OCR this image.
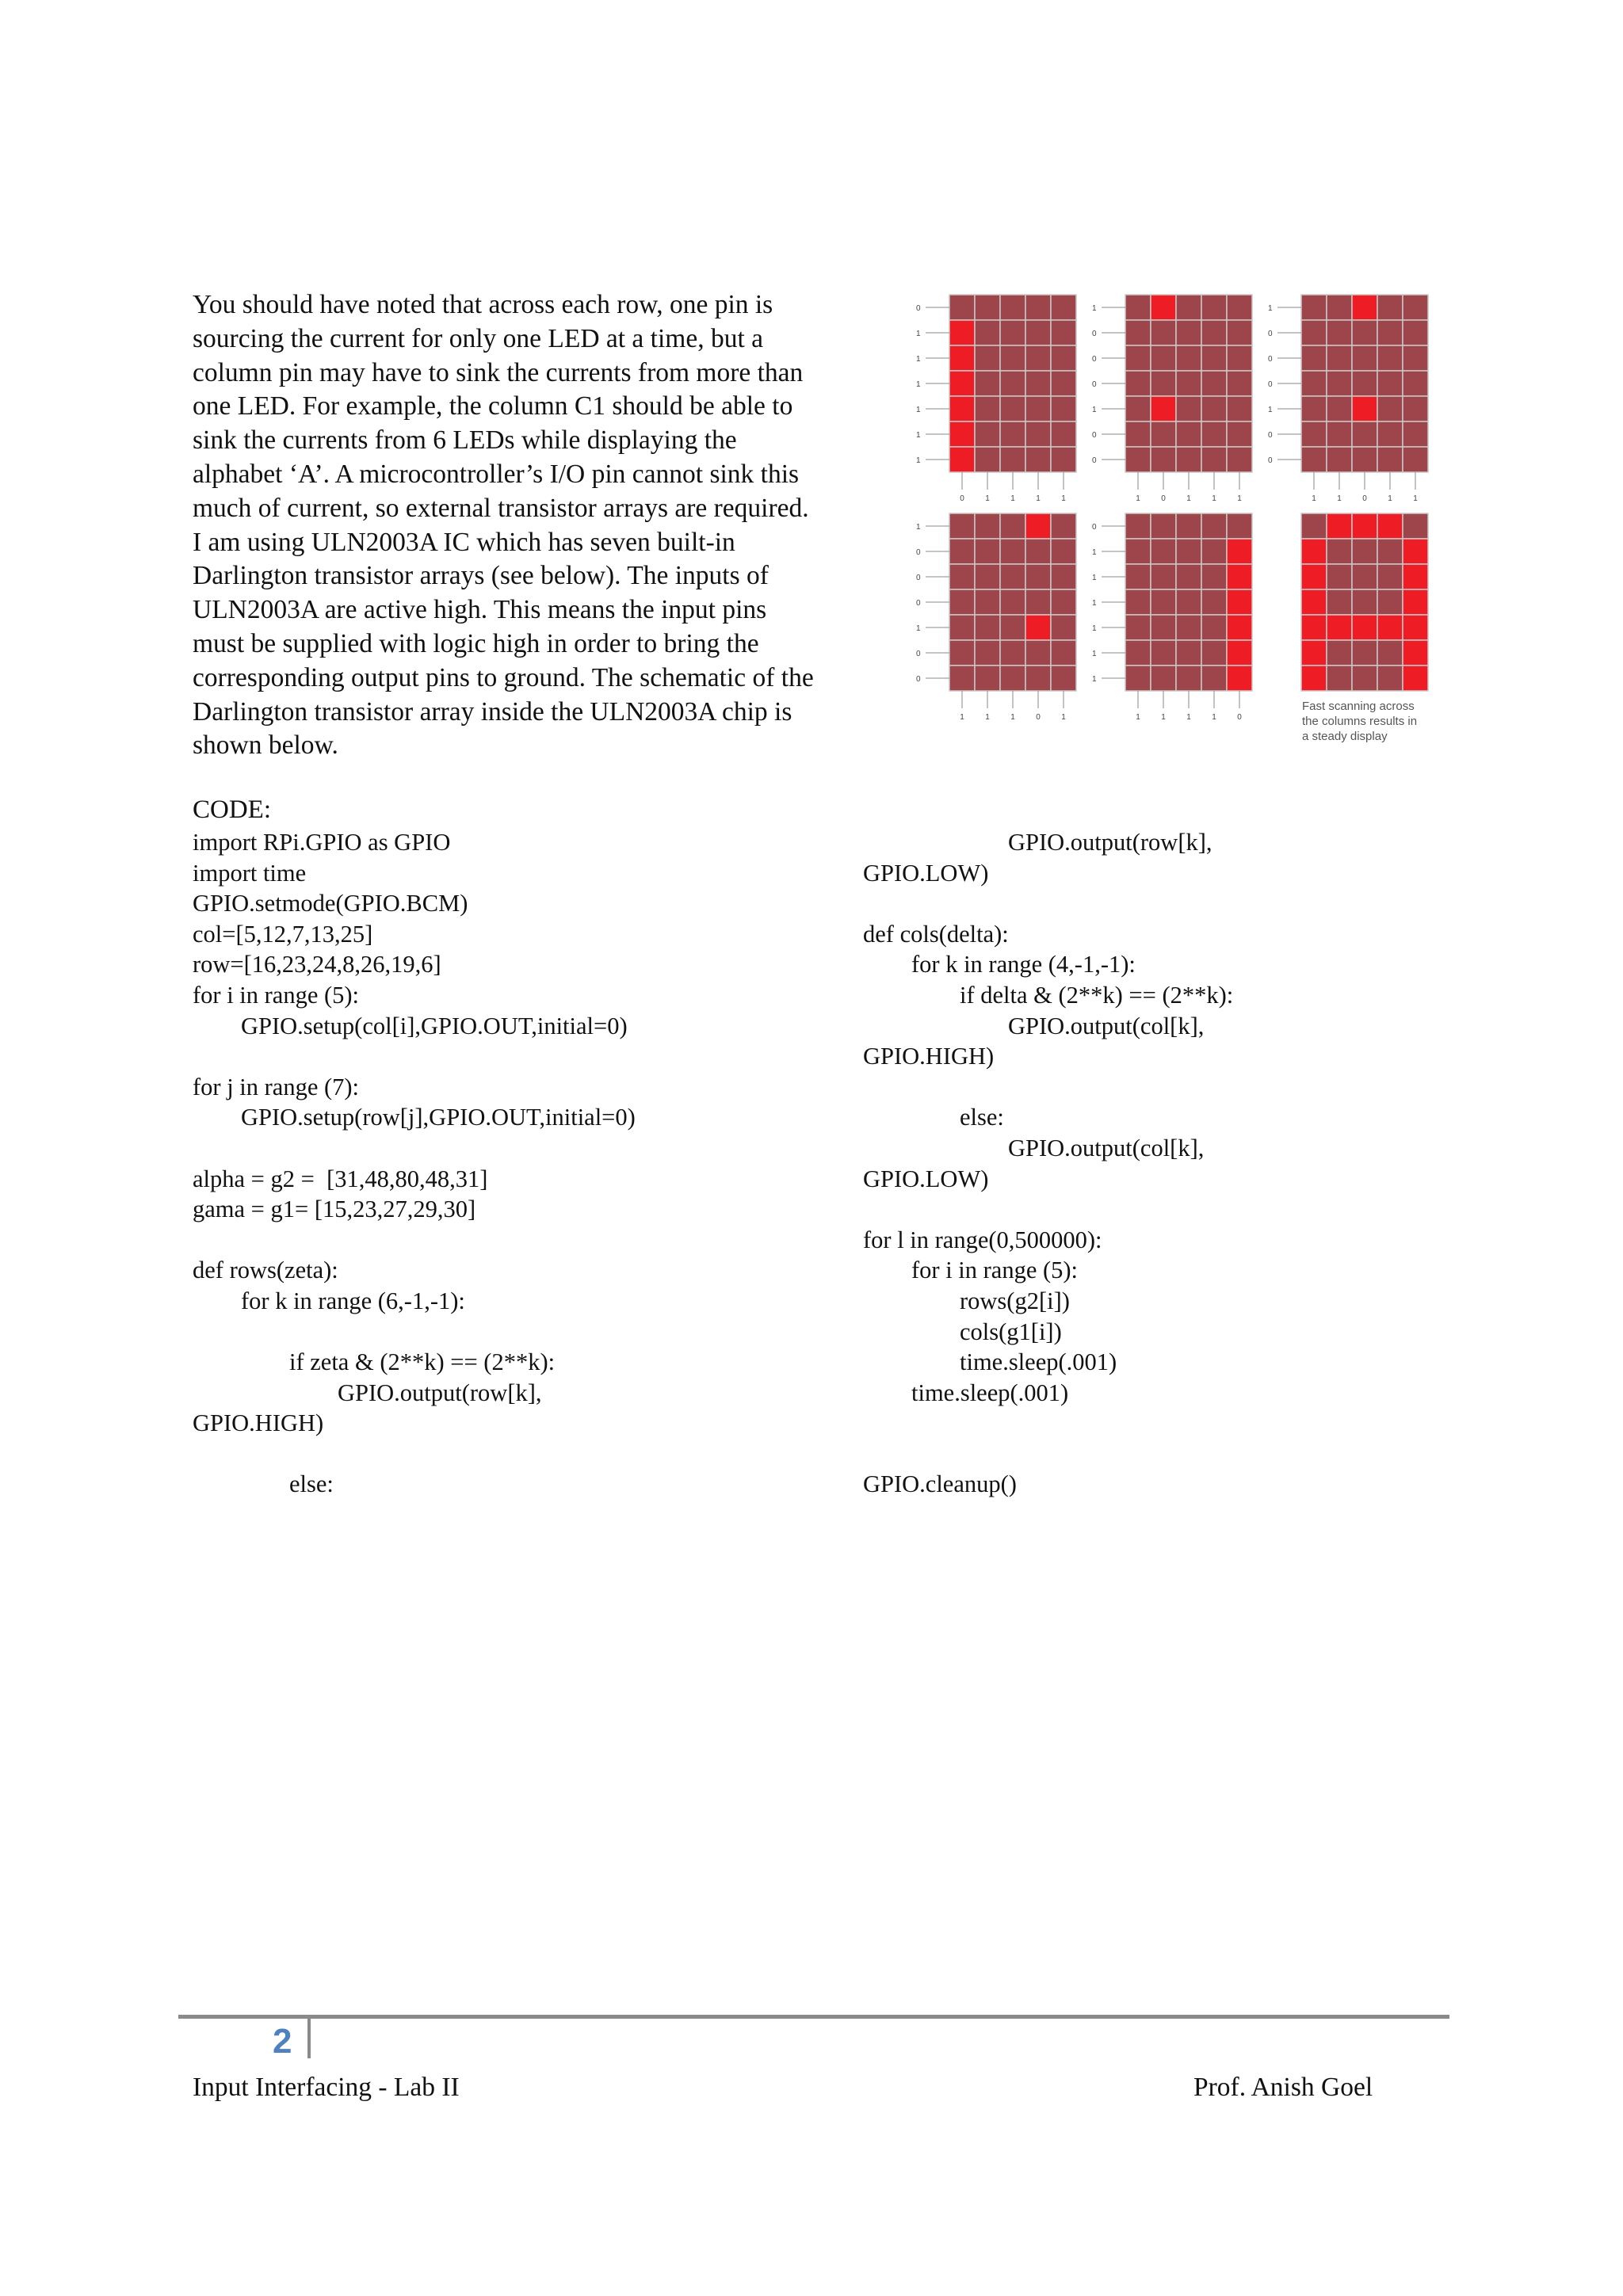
You should have noted that across each row, one pin is
sourcing the current for only one LED at a time, but a
column pin may have to sink the currents from more than
one LED. For example, the column C1 should be able to
sink the currents from 6 LEDs while displaying the
alphabet ‘A’. A microcontroller’s I/O pin cannot sink this
much of current, so external transistor arrays are required.
I am using ULN2003A IC which has seven built-in
Darlington transistor arrays (see below). The inputs of
ULN2003A are active high. This means the input pins
must be supplied with logic high in order to bring the
corresponding output pins to ground. The schematic of the
Darlington transistor array inside the ULN2003A chip is
shown below.
0
1
1
1
1
1
1
0	1	1	1	1
1
0
0
0
1
0
0
1	0	1	1	1
1
0
0
0
1
0
0
1	1	0	1	1
1
0
0
0
1
0
0
1	1	1	0	1
0
1
1
1
1
1
1
1	1	1	1	0
Fast scanning across
the columns results in
a steady display
CODE:
import RPi.GPIO as GPIO
import time
GPIO.setmode(GPIO.BCM)
col=[5,12,7,13,25]
row=[16,23,24,8,26,19,6]
for i in range (5):
GPIO.setup(col[i],GPIO.OUT,initial=0)
for j in range (7):
GPIO.setup(row[j],GPIO.OUT,initial=0)
alpha = g2 =  [31,48,80,48,31]
gama = g1= [15,23,27,29,30]
def rows(zeta):
for k in range (6,-1,-1):
if zeta & (2**k) == (2**k):
GPIO.output(row[k],
GPIO.HIGH)
else:
GPIO.output(row[k],
GPIO.LOW)
def cols(delta):
for k in range (4,-1,-1):
if delta & (2**k) == (2**k):
GPIO.output(col[k],
GPIO.HIGH)
else:
GPIO.output(col[k],
GPIO.LOW)
for l in range(0,500000):
for i in range (5):
rows(g2[i])
cols(g1[i])
time.sleep(.001)
time.sleep(.001)
GPIO.cleanup()
2
Input Interfacing - Lab II	Prof. Anish Goel
